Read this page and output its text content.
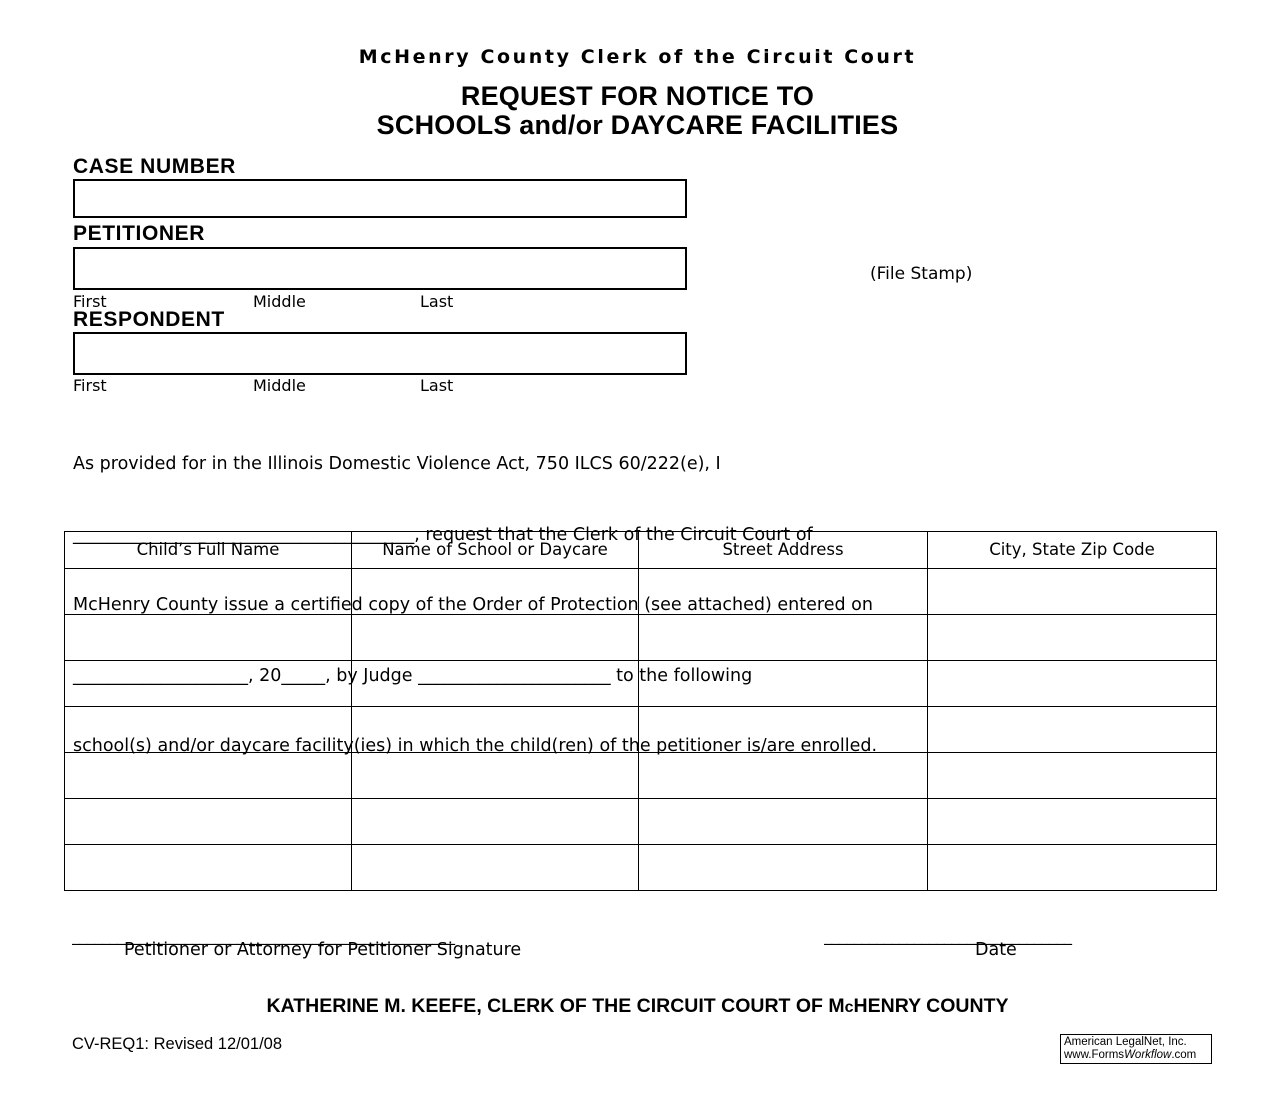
McHenry County Clerk of the Circuit Court
REQUEST FOR NOTICE TO
SCHOOLS and/or DAYCARE FACILITIES
CASE NUMBER
PETITIONER
First	Middle	Last
(File Stamp)
RESPONDENT
First	Middle	Last

As provided for in the Illinois Domestic Violence Act, 750 ILCS 60/222(e), I

_______________________________________, request that the Clerk of the Circuit Court of

McHenry County issue a certified copy of the Order of Protection (see attached) entered on

____________________, 20_____, by Judge ______________________ to the following

school(s) and/or daycare facility(ies) in which the child(ren) of the petitioner is/are enrolled.

Child’s Full Name	Name of School or Daycare	Street Address	City, State Zip Code

___________________________________________________	_________________________________
Petitioner or Attorney for Petitioner Signature	Date
KATHERINE M. KEEFE, CLERK OF THE CIRCUIT COURT OF McHENRY COUNTY
CV-REQ1: Revised 12/01/08	American LegalNet, Inc.
www.FormsWorkflow.com
